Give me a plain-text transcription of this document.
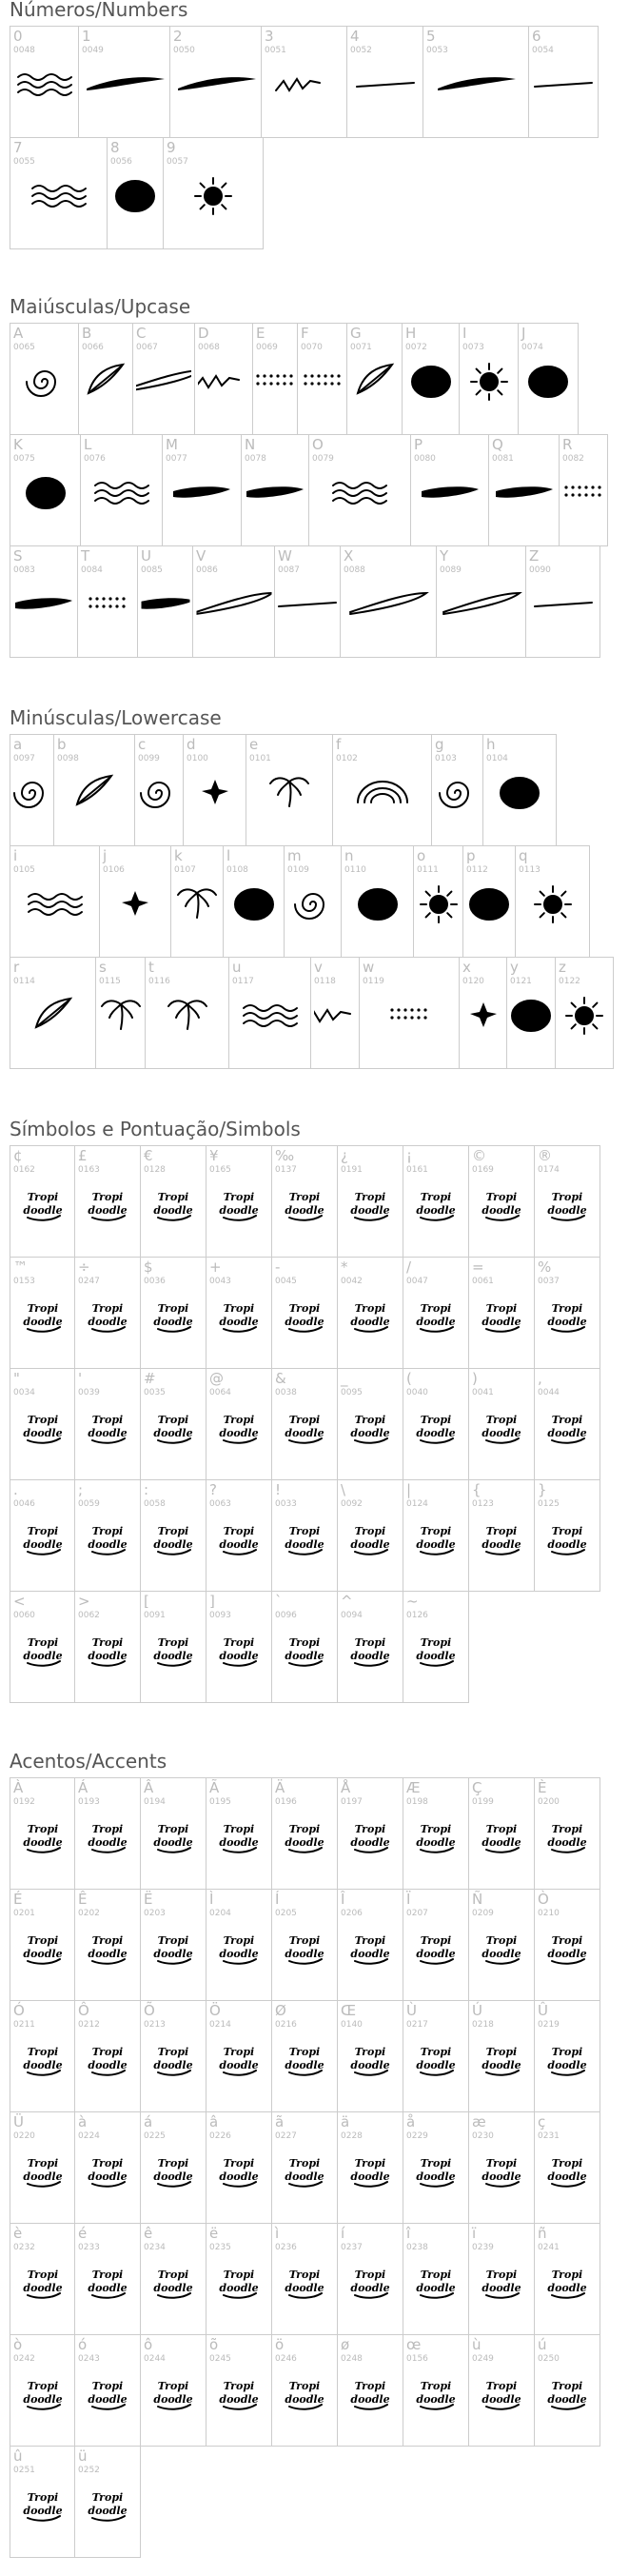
Números/Numbers
0
0048
1
0049
2
0050
3
0051
4
0052
5
0053
6
0054
7
0055
8
0056
9
0057
Maiúsculas/Upcase
A
0065
B
0066
C
0067
D
0068
E
0069
F
0070
G
0071
H
0072
I
0073
J
0074
K
0075
L
0076
M
0077
N
0078
O
0079
P
0080
Q
0081
R
0082
S
0083
T
0084
U
0085
V
0086
W
0087
X
0088
Y
0089
Z
0090
Minúsculas/Lowercase
a
0097
b
0098
c
0099
d
0100
e
0101
f
0102
g
0103
h
0104
i
0105
j
0106
k
0107
l
0108
m
0109
n
0110
o
0111
p
0112
q
0113
r
0114
s
0115
t
0116
u
0117
v
0118
w
0119
x
0120
y
0121
z
0122
Símbolos e Pontuação/Simbols
¢
0162
Tropi
doodle
£
0163
Tropi
doodle
€
0128
Tropi
doodle
¥
0165
Tropi
doodle
‰
0137
Tropi
doodle
¿
0191
Tropi
doodle
¡
0161
Tropi
doodle
©
0169
Tropi
doodle
®
0174
Tropi
doodle
™
0153
Tropi
doodle
÷
0247
Tropi
doodle
$
0036
Tropi
doodle
+
0043
Tropi
doodle
-
0045
Tropi
doodle
*
0042
Tropi
doodle
/
0047
Tropi
doodle
=
0061
Tropi
doodle
%
0037
Tropi
doodle
"
0034
Tropi
doodle
'
0039
Tropi
doodle
#
0035
Tropi
doodle
@
0064
Tropi
doodle
&
0038
Tropi
doodle
_
0095
Tropi
doodle
(
0040
Tropi
doodle
)
0041
Tropi
doodle
,
0044
Tropi
doodle
.
0046
Tropi
doodle
;
0059
Tropi
doodle
:
0058
Tropi
doodle
?
0063
Tropi
doodle
!
0033
Tropi
doodle
\
0092
Tropi
doodle
|
0124
Tropi
doodle
{
0123
Tropi
doodle
}
0125
Tropi
doodle
<
0060
Tropi
doodle
>
0062
Tropi
doodle
[
0091
Tropi
doodle
]
0093
Tropi
doodle
`
0096
Tropi
doodle
^
0094
Tropi
doodle
~
0126
Tropi
doodle
Acentos/Accents
À
0192
Tropi
doodle
Á
0193
Tropi
doodle
Â
0194
Tropi
doodle
Ã
0195
Tropi
doodle
Ä
0196
Tropi
doodle
Å
0197
Tropi
doodle
Æ
0198
Tropi
doodle
Ç
0199
Tropi
doodle
È
0200
Tropi
doodle
É
0201
Tropi
doodle
Ê
0202
Tropi
doodle
Ë
0203
Tropi
doodle
Ì
0204
Tropi
doodle
Í
0205
Tropi
doodle
Î
0206
Tropi
doodle
Ï
0207
Tropi
doodle
Ñ
0209
Tropi
doodle
Ò
0210
Tropi
doodle
Ó
0211
Tropi
doodle
Ô
0212
Tropi
doodle
Õ
0213
Tropi
doodle
Ö
0214
Tropi
doodle
Ø
0216
Tropi
doodle
Œ
0140
Tropi
doodle
Ù
0217
Tropi
doodle
Ú
0218
Tropi
doodle
Û
0219
Tropi
doodle
Ü
0220
Tropi
doodle
à
0224
Tropi
doodle
á
0225
Tropi
doodle
â
0226
Tropi
doodle
ã
0227
Tropi
doodle
ä
0228
Tropi
doodle
å
0229
Tropi
doodle
æ
0230
Tropi
doodle
ç
0231
Tropi
doodle
è
0232
Tropi
doodle
é
0233
Tropi
doodle
ê
0234
Tropi
doodle
ë
0235
Tropi
doodle
ì
0236
Tropi
doodle
í
0237
Tropi
doodle
î
0238
Tropi
doodle
ï
0239
Tropi
doodle
ñ
0241
Tropi
doodle
ò
0242
Tropi
doodle
ó
0243
Tropi
doodle
ô
0244
Tropi
doodle
õ
0245
Tropi
doodle
ö
0246
Tropi
doodle
ø
0248
Tropi
doodle
œ
0156
Tropi
doodle
ù
0249
Tropi
doodle
ú
0250
Tropi
doodle
û
0251
Tropi
doodle
ü
0252
Tropi
doodle
